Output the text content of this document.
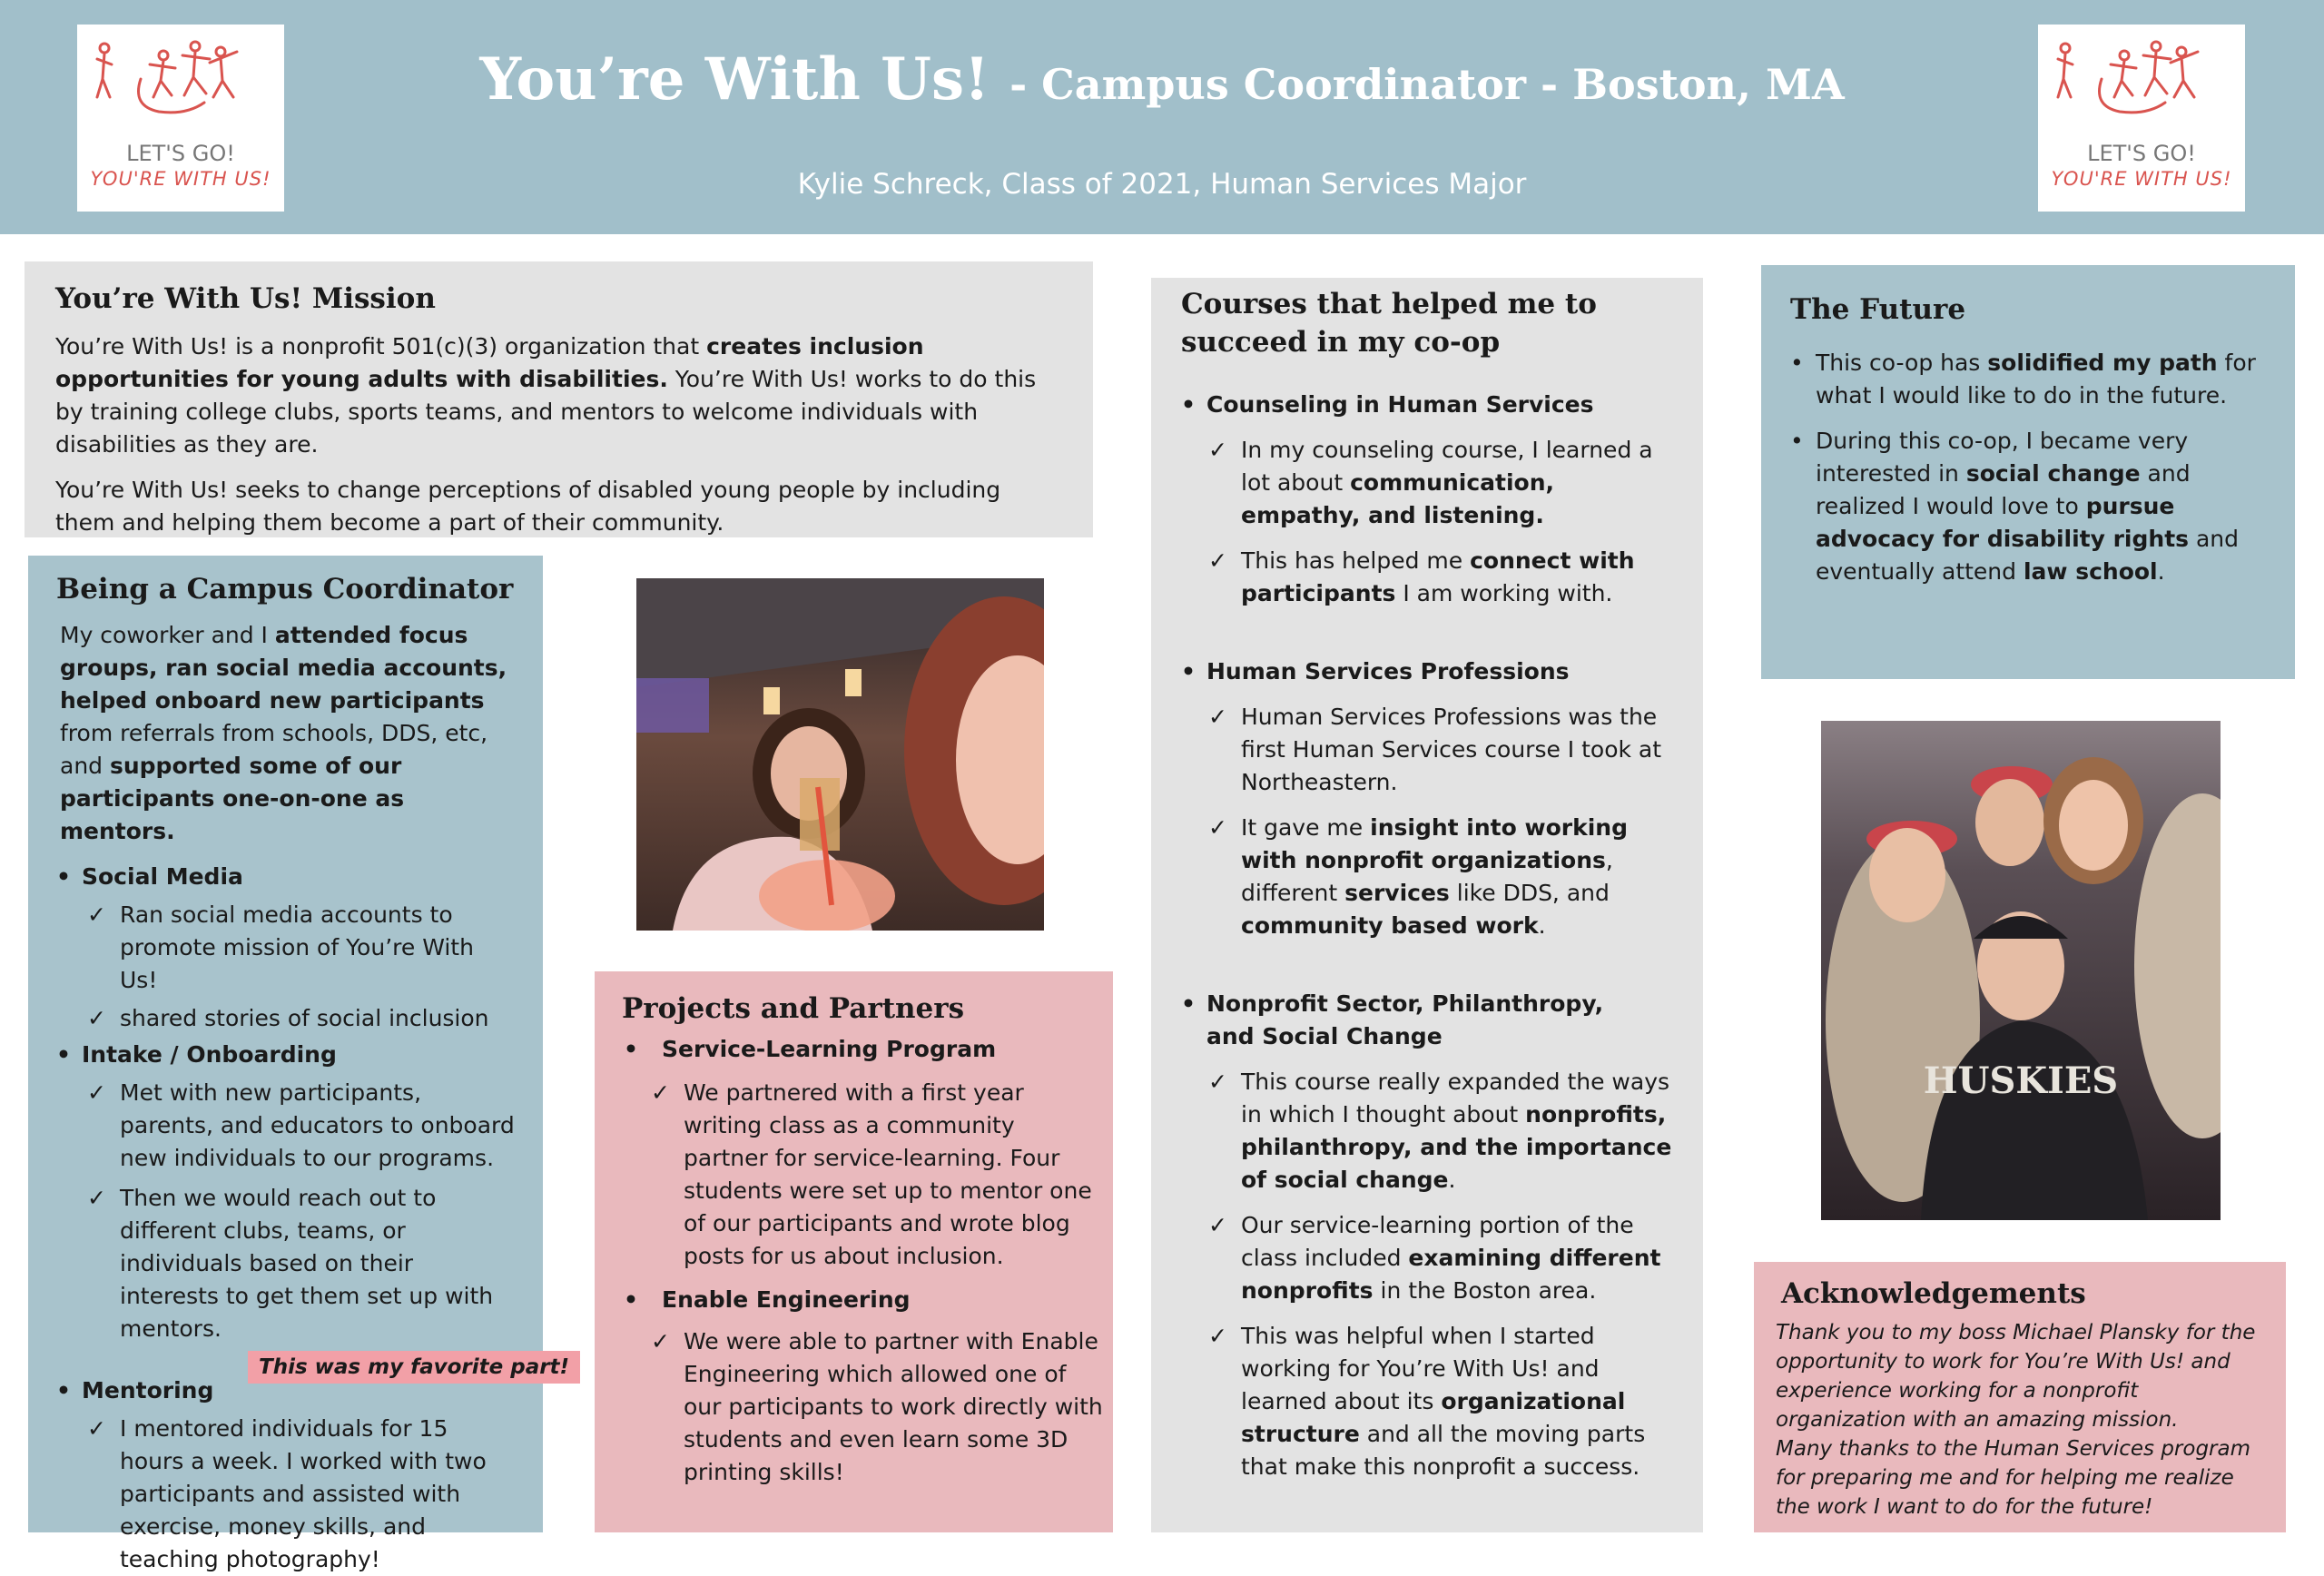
LET'S GO!
YOU'RE WITH US!
LET'S GO!
YOU'RE WITH US!
You’re With Us! - Campus Coordinator - Boston, MA
Kylie Schreck, Class of 2021, Human Services Major
You’re With Us! Mission

You’re With Us! is a nonprofit 501(c)(3) organization that creates inclusion opportunities for young adults with disabilities. You’re With Us! works to do this by training college clubs, sports teams, and mentors to welcome individuals with disabilities as they are.

You’re With Us! seeks to change perceptions of disabled young people by including them and helping them become a part of their community.

Being a Campus Coordinator

My coworker and I attended focus groups, ran social media accounts, helped onboard new participants from referrals from schools, DDS, etc, and supported some of our participants one-on-one as mentors.

• Social Media
✓ Ran social media accounts to promote mission of You’re With Us!
✓ shared stories of social inclusion
• Intake / Onboarding
✓ Met with new participants, parents, and educators to onboard new individuals to our programs.
✓ Then we would reach out to different clubs, teams, or individuals based on their interests to get them set up with mentors.
• Mentoring
This was my favorite part!
✓ I mentored individuals for 15 hours a week. I worked with two participants and assisted with exercise, money skills, and teaching photography!
Projects and Partners
• Service-Learning Program
✓ We partnered with a first year writing class as a community partner for service-learning. Four students were set up to mentor one of our participants and wrote blog posts for us about inclusion.
• Enable Engineering
✓ We were able to partner with Enable Engineering which allowed one of our participants to work directly with students and even learn some 3D printing skills!
Courses that helped me to succeed in my co-op
• Counseling in Human Services
✓ In my counseling course, I learned a lot about communication, empathy, and listening.
✓ This has helped me connect with participants I am working with.
• Human Services Professions
✓ Human Services Professions was the first Human Services course I took at Northeastern.
✓ It gave me insight into working with nonprofit organizations, different services like DDS, and community based work.
• Nonprofit Sector, Philanthropy, and Social Change
✓ This course really expanded the ways in which I thought about nonprofits, philanthropy, and the importance of social change.
✓ Our service-learning portion of the class included examining different nonprofits in the Boston area.
✓ This was helpful when I started working for You’re With Us! and learned about its organizational structure and all the moving parts that make this nonprofit a success.
The Future
• This co-op has solidified my path for what I would like to do in the future.
• During this co-op, I became very interested in social change and realized I would love to pursue advocacy for disability rights and eventually attend law school.
HUSKIES
Acknowledgements

Thank you to my boss Michael Plansky for the opportunity to work for You’re With Us! and experience working for a nonprofit organization with an amazing mission.

Many thanks to the Human Services program for preparing me and for helping me realize the work I want to do for the future!
